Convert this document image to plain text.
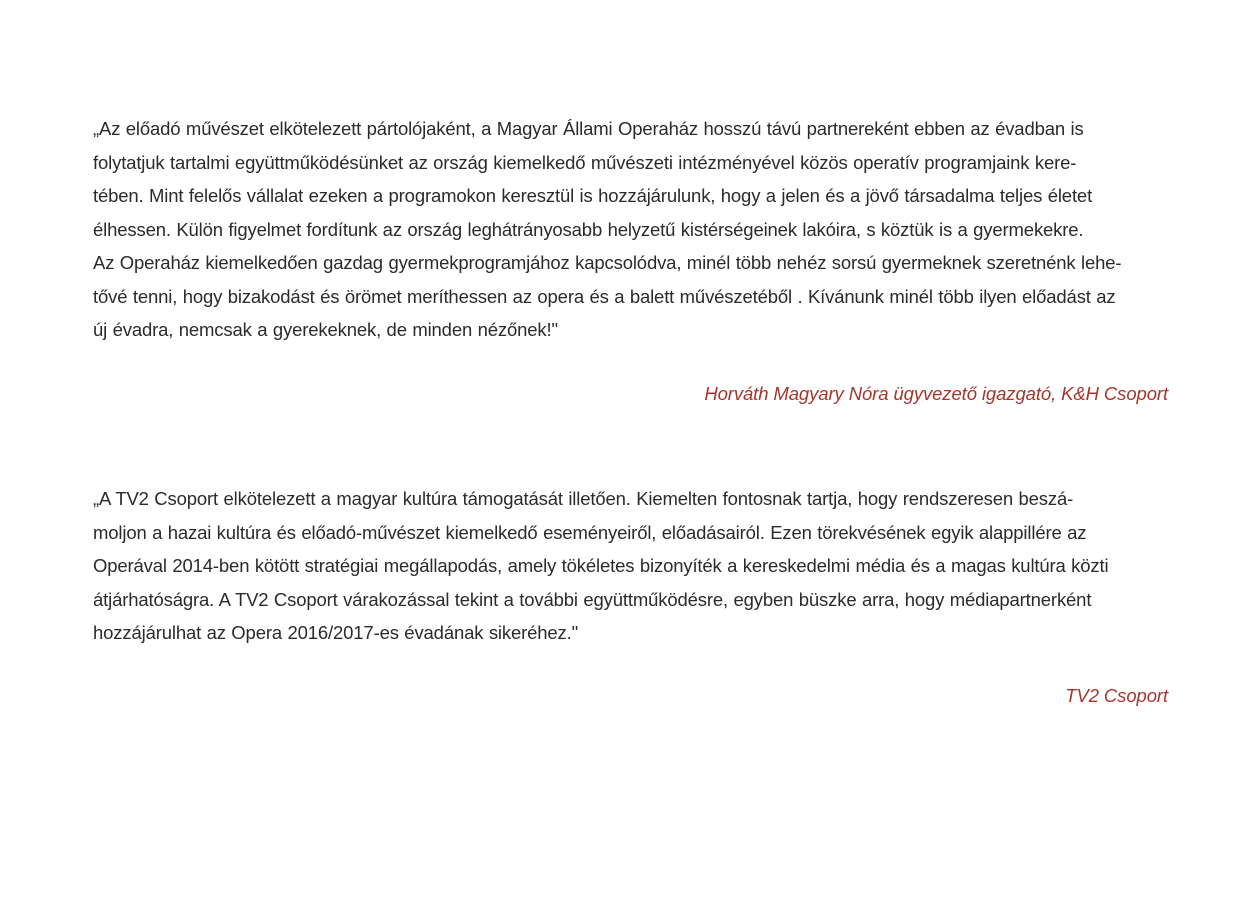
„Az előadó művészet elkötelezett pártolójaként, a Magyar Állami Operaház hosszú távú partnereként ebben az évadban is
folytatjuk tartalmi együttműködésünket az ország kiemelkedő művészeti intézményével közös operatív programjaink kere-
tében. Mint felelős vállalat ezeken a programokon keresztül is hozzájárulunk, hogy a jelen és a jövő társadalma teljes életet
élhessen. Külön figyelmet fordítunk az ország leghátrányosabb helyzetű kistérségeinek lakóira, s köztük is a gyermekekre.
Az Operaház kiemelkedően gazdag gyermekprogramjához kapcsolódva, minél több nehéz sorsú gyermeknek szeretnénk lehe-
tővé tenni, hogy bizakodást és örömet meríthessen az opera és a balett művészetéből . Kívánunk minél több ilyen előadást az
új évadra, nemcsak a gyerekeknek, de minden nézőnek!"

Horváth Magyary Nóra ügyvezető igazgató, K&H Csoport

„A TV2 Csoport elkötelezett a magyar kultúra támogatását illetően. Kiemelten fontosnak tartja, hogy rendszeresen beszá-
moljon a hazai kultúra és előadó-művészet kiemelkedő eseményeiről, előadásairól. Ezen törekvésének egyik alappillére az
Operával 2014-ben kötött stratégiai megállapodás, amely tökéletes bizonyíték a kereskedelmi média és a magas kultúra közti
átjárhatóságra. A TV2 Csoport várakozással tekint a további együttműködésre, egyben büszke arra, hogy médiapartnerként
hozzájárulhat az Opera 2016/2017-es évadának sikeréhez."

TV2 Csoport
